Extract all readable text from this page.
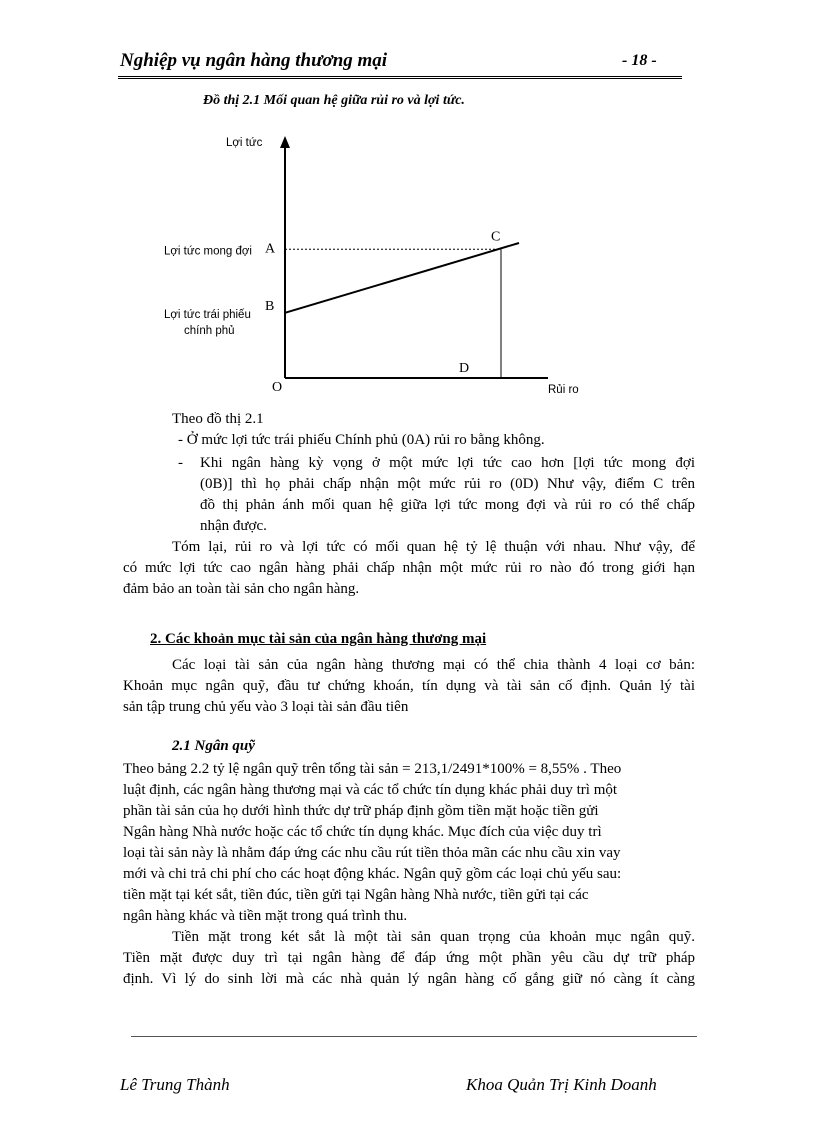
Nghiệp vụ ngân hàng thương mại	- 18 -
Đồ thị 2.1 Mối quan hệ giữa rủi ro và lợi tức.
Lợi tức
Rủi ro
O
A
B
C
D
Lợi tức mong đợi
Lợi tức trái phiếu
chính phủ
Theo đồ thị 2.1
- Ở mức lợi tức trái phiếu Chính phủ (0A) rủi ro bằng không.
- Khi ngân hàng kỳ vọng ở một mức lợi tức cao hơn [lợi tức mong đợi
(0B)] thì họ phải chấp nhận một mức rủi ro (0D) Như vậy, điểm C trên
đồ thị phản ánh mối quan hệ giữa lợi tức mong đợi và rủi ro có thể chấp
nhận được.
Tóm lại, rủi ro và lợi tức có mối quan hệ tỷ lệ thuận với nhau. Như vậy, để
có mức lợi tức cao ngân hàng phải chấp nhận một mức rủi ro nào đó trong giới hạn
đảm bảo an toàn tài sản cho ngân hàng.
2. Các khoản mục tài sản của ngân hàng thương mại
Các loại tài sản của ngân hàng thương mại có thể chia thành 4 loại cơ bản:
Khoản mục ngân quỹ, đầu tư chứng khoán, tín dụng và tài sản cố định. Quản lý tài
sản tập trung chủ yếu vào 3 loại tài sản đầu tiên
2.1 Ngân quỹ
Theo bảng 2.2 tỷ lệ ngân quỹ trên tổng tài sản = 213,1/2491*100% = 8,55% . Theo
luật định, các ngân hàng thương mại và các tổ chức tín dụng khác phải duy trì một
phần tài sản của họ dưới hình thức dự trữ pháp định gồm tiền mặt hoặc tiền gửi
Ngân hàng Nhà nước hoặc các tổ chức tín dụng khác. Mục đích của việc duy trì
loại tài sản này là nhằm đáp ứng các nhu cầu rút tiền thỏa mãn các nhu cầu xin vay
mới và chi trả chi phí cho các hoạt động khác. Ngân quỹ gồm các loại chủ yếu sau:
tiền mặt tại két sắt, tiền đúc, tiền gửi tại Ngân hàng Nhà nước, tiền gửi tại các
ngân hàng khác và tiền mặt trong quá trình thu.
Tiền mặt trong két sắt là một tài sản quan trọng của khoản mục ngân quỹ.
Tiền mặt được duy trì tại ngân hàng để đáp ứng một phần yêu cầu dự trữ pháp
định. Vì lý do sinh lời mà các nhà quản lý ngân hàng cố gắng giữ nó càng ít càng
Lê Trung Thành	Khoa Quản Trị Kinh Doanh
